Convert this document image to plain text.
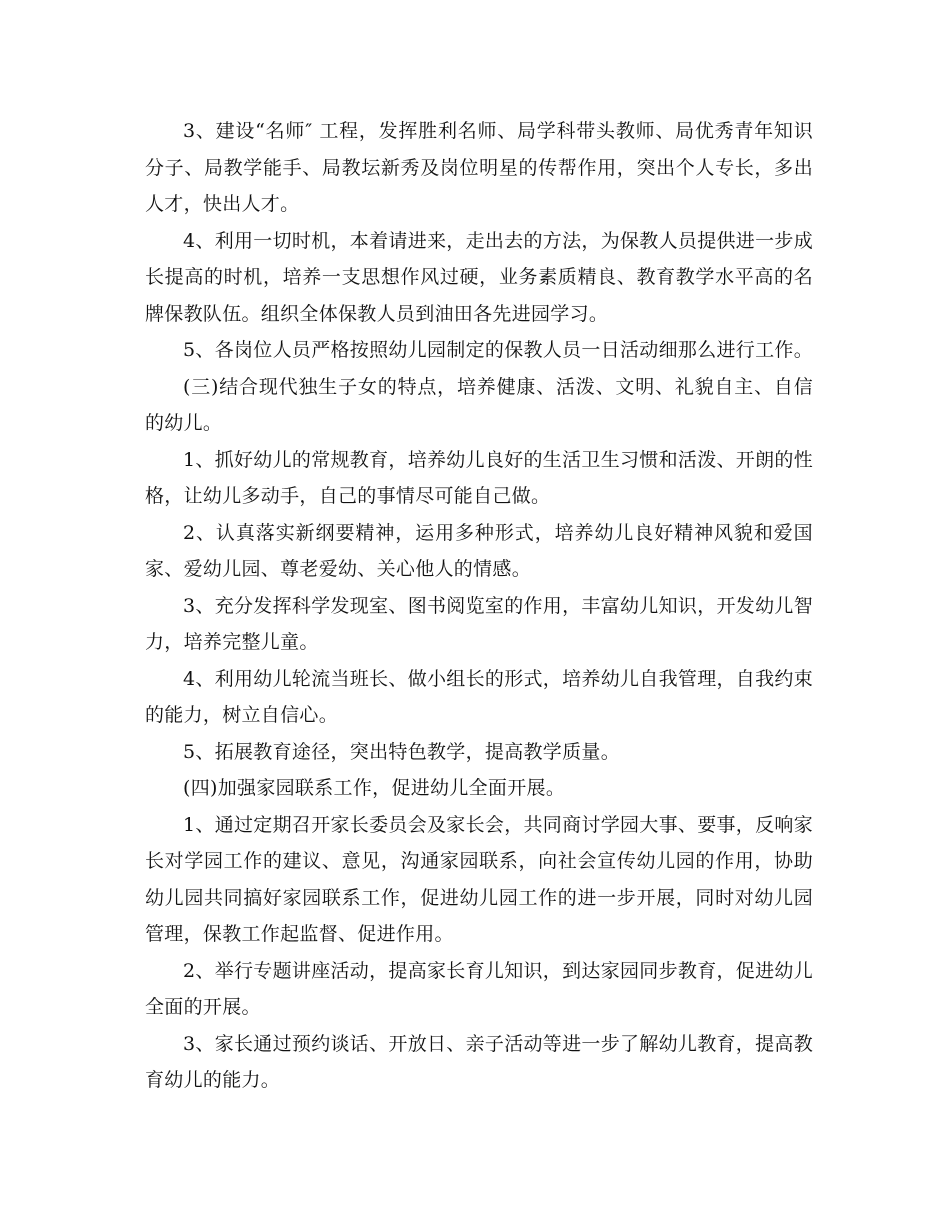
3、建设“名师″ 工程，发挥胜利名师、局学科带头教师、局优秀青年知识分子、局教学能手、局教坛新秀及岗位明星的传帮作用，突出个人专长，多出人才，快出人才。

4、利用一切时机，本着请进来，走出去的方法，为保教人员提供进一步成长提高的时机，培养一支思想作风过硬，业务素质精良、教育教学水平高的名牌保教队伍。组织全体保教人员到油田各先进园学习。

5、各岗位人员严格按照幼儿园制定的保教人员一日活动细那么进行工作。

(三)结合现代独生子女的特点，培养健康、活泼、文明、礼貌自主、自信的幼儿。

1、抓好幼儿的常规教育，培养幼儿良好的生活卫生习惯和活泼、开朗的性格，让幼儿多动手，自己的事情尽可能自己做。

2、认真落实新纲要精神，运用多种形式，培养幼儿良好精神风貌和爱国家、爱幼儿园、尊老爱幼、关心他人的情感。

3、充分发挥科学发现室、图书阅览室的作用，丰富幼儿知识，开发幼儿智力，培养完整儿童。

4、利用幼儿轮流当班长、做小组长的形式，培养幼儿自我管理，自我约束的能力，树立自信心。

5、拓展教育途径，突出特色教学，提高教学质量。

(四)加强家园联系工作，促进幼儿全面开展。

1、通过定期召开家长委员会及家长会，共同商讨学园大事、要事，反响家长对学园工作的建议、意见，沟通家园联系，向社会宣传幼儿园的作用，协助幼儿园共同搞好家园联系工作，促进幼儿园工作的进一步开展，同时对幼儿园管理，保教工作起监督、促进作用。

2、举行专题讲座活动，提高家长育儿知识，到达家园同步教育，促进幼儿全面的开展。

3、家长通过预约谈话、开放日、亲子活动等进一步了解幼儿教育，提高教育幼儿的能力。
